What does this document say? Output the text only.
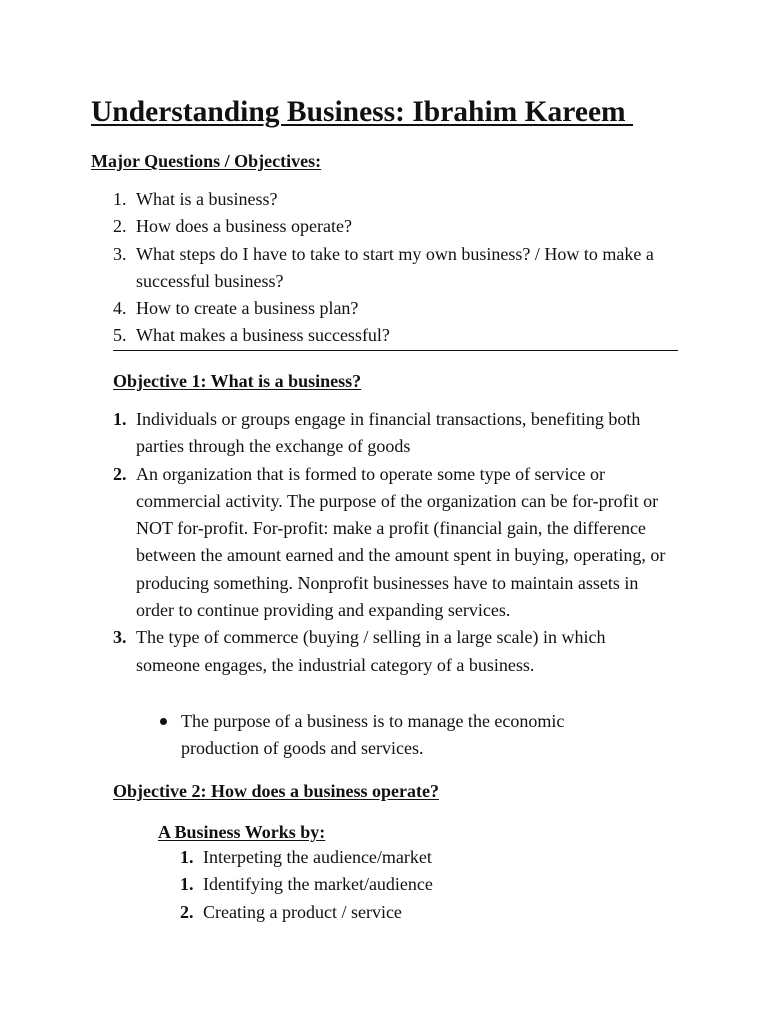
Understanding Business: Ibrahim Kareem
Major Questions / Objectives:
1. What is a business?
2. How does a business operate?
3. What steps do I have to take to start my own business? / How to make a successful business?
4. How to create a business plan?
5. What makes a business successful?
Objective 1: What is a business?
1. Individuals or groups engage in financial transactions, benefiting both parties through the exchange of goods
2. An organization that is formed to operate some type of service or commercial activity. The purpose of the organization can be for-profit or NOT for-profit. For-profit: make a profit (financial gain, the difference between the amount earned and the amount spent in buying, operating, or producing something. Nonprofit businesses have to maintain assets in order to continue providing and expanding services.
3. The type of commerce (buying / selling in a large scale) in which someone engages, the industrial category of a business.
The purpose of a business is to manage the economic production of goods and services.
Objective 2: How does a business operate?
A Business Works by:
1. Interpeting the audience/market
1. Identifying the market/audience
2. Creating a product / service
